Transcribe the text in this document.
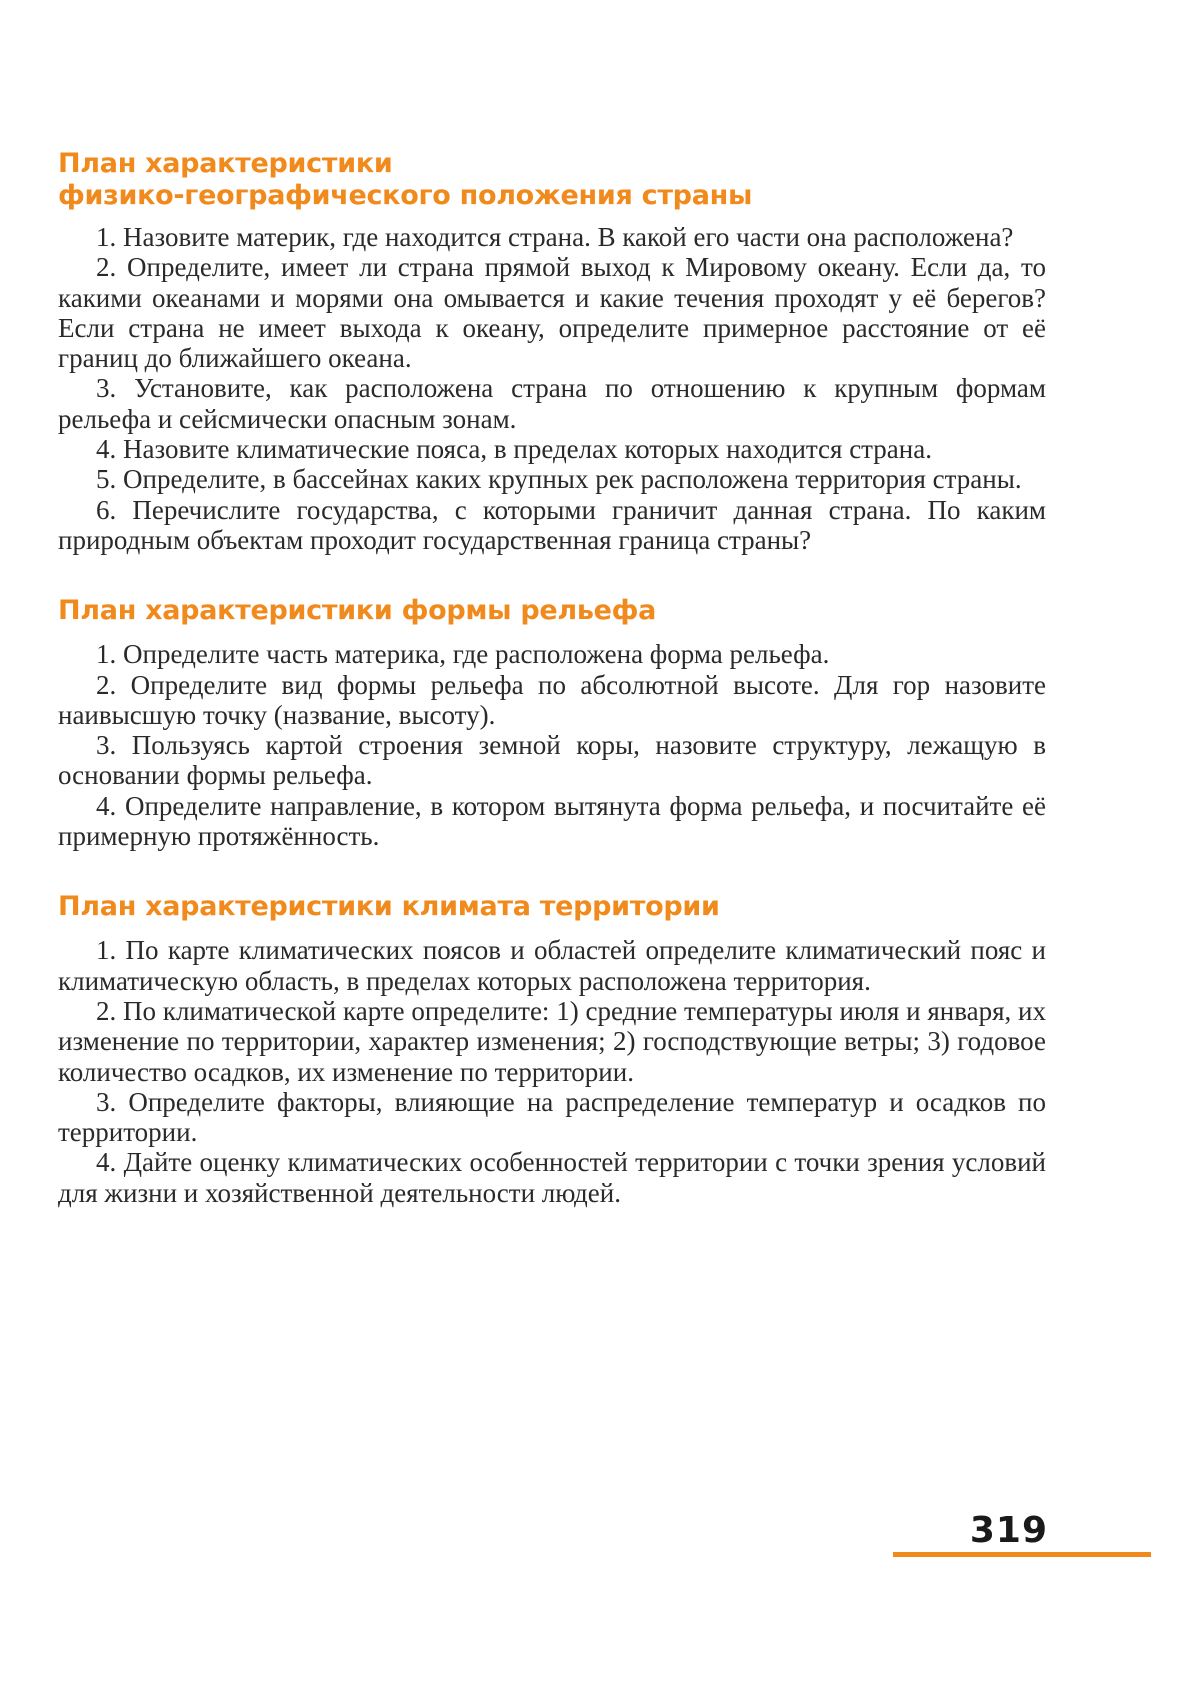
План характеристики
физико-географического положения страны

1. Назовите материк, где находится страна. В какой его части она расположена?

2. Определите, имеет ли страна прямой выход к Мировому океану. Если да, то какими океанами и морями она омывается и какие течения проходят у её берегов? Если страна не имеет выхода к океану, определите примерное расстояние от её границ до ближайшего океана.

3. Установите, как расположена страна по отношению к крупным формам рельефа и сейсмически опасным зонам.

4. Назовите климатические пояса, в пределах которых находится страна.

5. Определите, в бассейнах каких крупных рек расположена территория страны.

6. Перечислите государства, с которыми граничит данная страна. По каким природным объектам проходит государственная граница страны?

План характеристики формы рельефа

1. Определите часть материка, где расположена форма рельефа.

2. Определите вид формы рельефа по абсолютной высоте. Для гор назовите наивысшую точку (название, высоту).

3. Пользуясь картой строения земной коры, назовите структуру, лежащую в основании формы рельефа.

4. Определите направление, в котором вытянута форма рельефа, и посчитайте её примерную протяжённость.

План характеристики климата территории

1. По карте климатических поясов и областей определите климатический пояс и климатическую область, в пределах которых расположена территория.

2. По климатической карте определите: 1) средние температуры июля и января, их изменение по территории, характер изменения; 2) господствующие ветры; 3) годовое количество осадков, их изменение по территории.

3. Определите факторы, влияющие на распределение температур и осадков по территории.

4. Дайте оценку климатических особенностей территории с точки зрения условий для жизни и хозяйственной деятельности людей.

319
